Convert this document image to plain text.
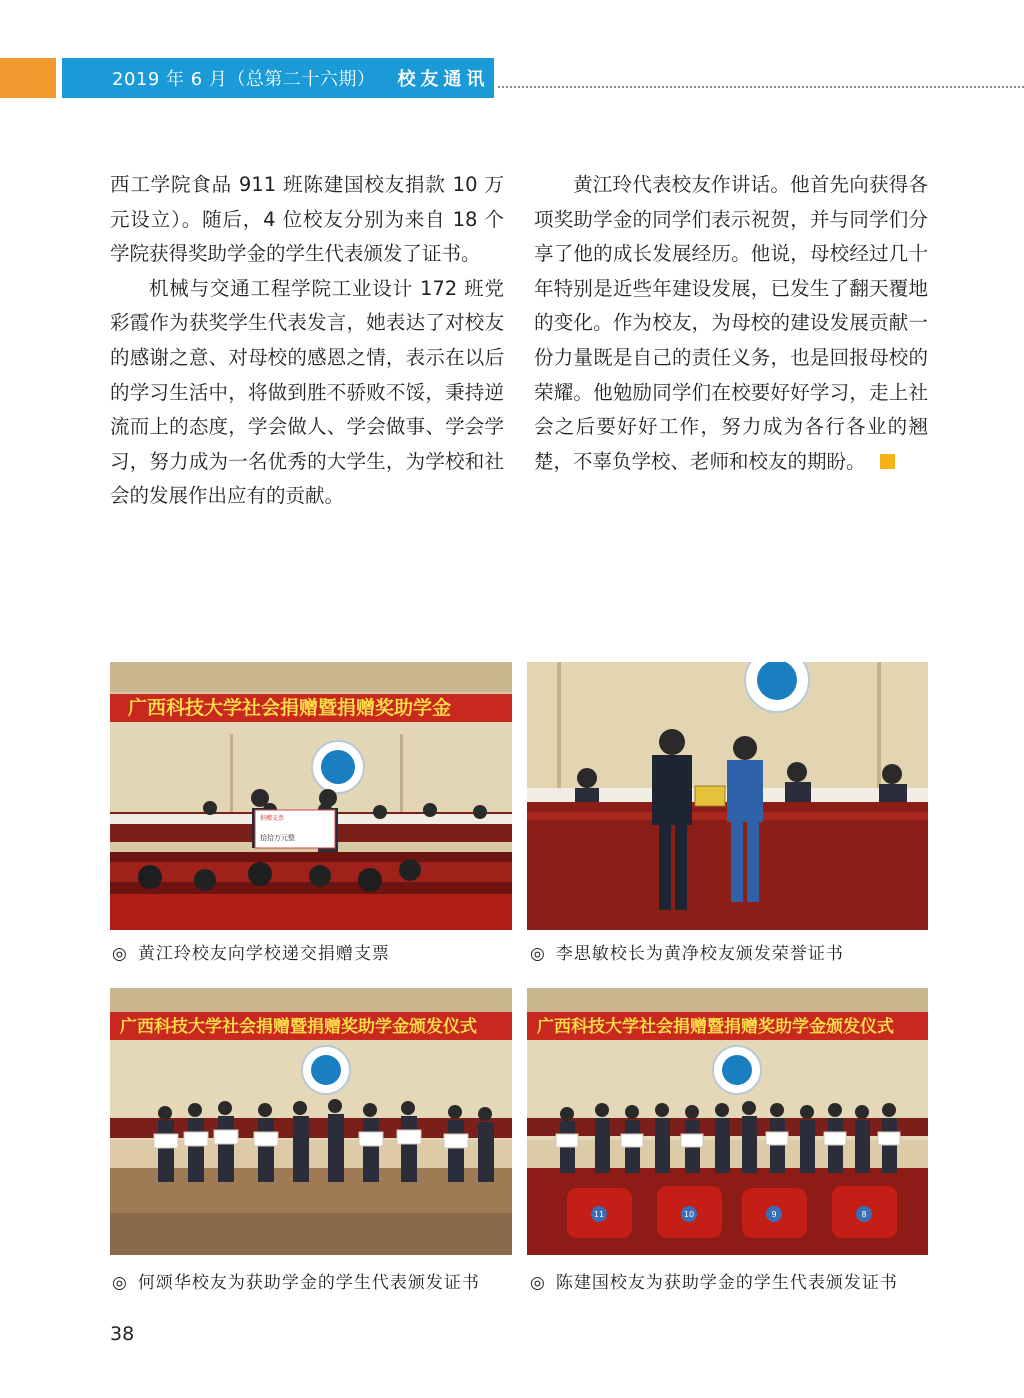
2019 年 6 月（总第二十六期） 校友通讯

西工学院食品 911 班陈建国校友捐款 10 万元设立）。随后，4 位校友分别为来自 18 个学院获得奖助学金的学生代表颁发了证书。

机械与交通工程学院工业设计 172 班党彩霞作为获奖学生代表发言，她表达了对校友的感谢之意、对母校的感恩之情，表示在以后的学习生活中，将做到胜不骄败不馁，秉持逆流而上的态度，学会做人、学会做事、学会学习，努力成为一名优秀的大学生，为学校和社会的发展作出应有的贡献。

黄江玲代表校友作讲话。他首先向获得各项奖助学金的同学们表示祝贺，并与同学们分享了他的成长发展经历。他说，母校经过几十年特别是近些年建设发展，已发生了翻天覆地的变化。作为校友，为母校的建设发展贡献一份力量既是自己的责任义务，也是回报母校的荣耀。他勉励同学们在校要好好学习，走上社会之后要好好工作，努力成为各行各业的翘楚，不辜负学校、老师和校友的期盼。

广西科技大学社会捐赠暨捐赠奖助学金
捐赠支票
拾拾万元整
◎ 黄江玲校友向学校递交捐赠支票	◎ 李思敏校长为黄净校友颁发荣誉证书
广西科技大学社会捐赠暨捐赠奖助学金颁发仪式
◎ 何颂华校友为获助学金的学生代表颁发证书
广西科技大学社会捐赠暨捐赠奖助学金颁发仪式
11	10	9	8
◎ 陈建国校友为获助学金的学生代表颁发证书
38
